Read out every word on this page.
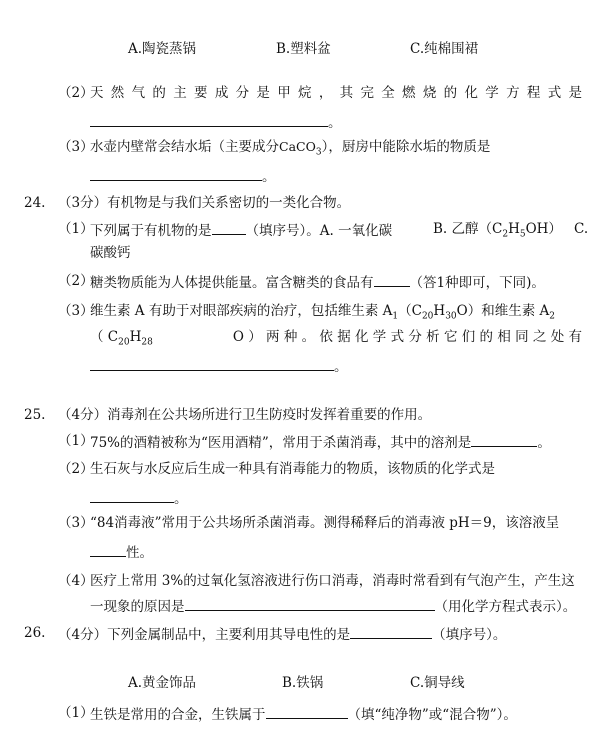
A.陶瓷蒸锅	B.塑料盆	C.纯棉围裙
（2）
天 然 气 的 主 要 成 分 是 甲 烷 ， 其 完 全 燃 烧 的 化 学 方 程 式 是
。
（3）
水壶内壁常会结水垢（主要成分CaCO$_3$），厨房中能除水垢的物质是
。
24. （3分）有机物是与我们关系密切的一类化合物。
（1）
下列属于有机物的是	（填序号）。A. 一氧化碳	B. 乙醇$(C_2H_5OH)$ C.
碳酸钙
（2）
糖类物质能为人体提供能量。富含糖类的食品有	（答1种即可，下同)。
（3）
维生素 A 有助于对眼部疾病的治疗，包括维生素 $A_1(C_{20}H_{30}O)$和维生素 $A_2$
（ $C_{20}H_{28}$	O ） 两 种 。 依 据 化 学 式 分 析 它 们 的 相 同 之 处 有
。
25. （4分）消毒剂在公共场所进行卫生防疫时发挥着重要的作用。
（1）
75%的酒精被称为“医用酒精”，常用于杀菌消毒，其中的溶剂是	。
（2）
生石灰与水反应后生成一种具有消毒能力的物质，该物质的化学式是
。
（3）
“84消毒液”常用于公共场所杀菌消毒。测得稀释后的消毒液 pH＝9，该溶液呈
性。
（4）
医疗上常用 3%的过氧化氢溶液进行伤口消毒，消毒时常看到有气泡产生，产生这
一现象的原因是	（用化学方程式表示）。
26. （4分）下列金属制品中，主要利用其导电性的是	（填序号）。
A.黄金饰品	B.铁锅	C.铜导线
（1）
生铁是常用的合金，生铁属于	（填“纯净物”或“混合物”）。
